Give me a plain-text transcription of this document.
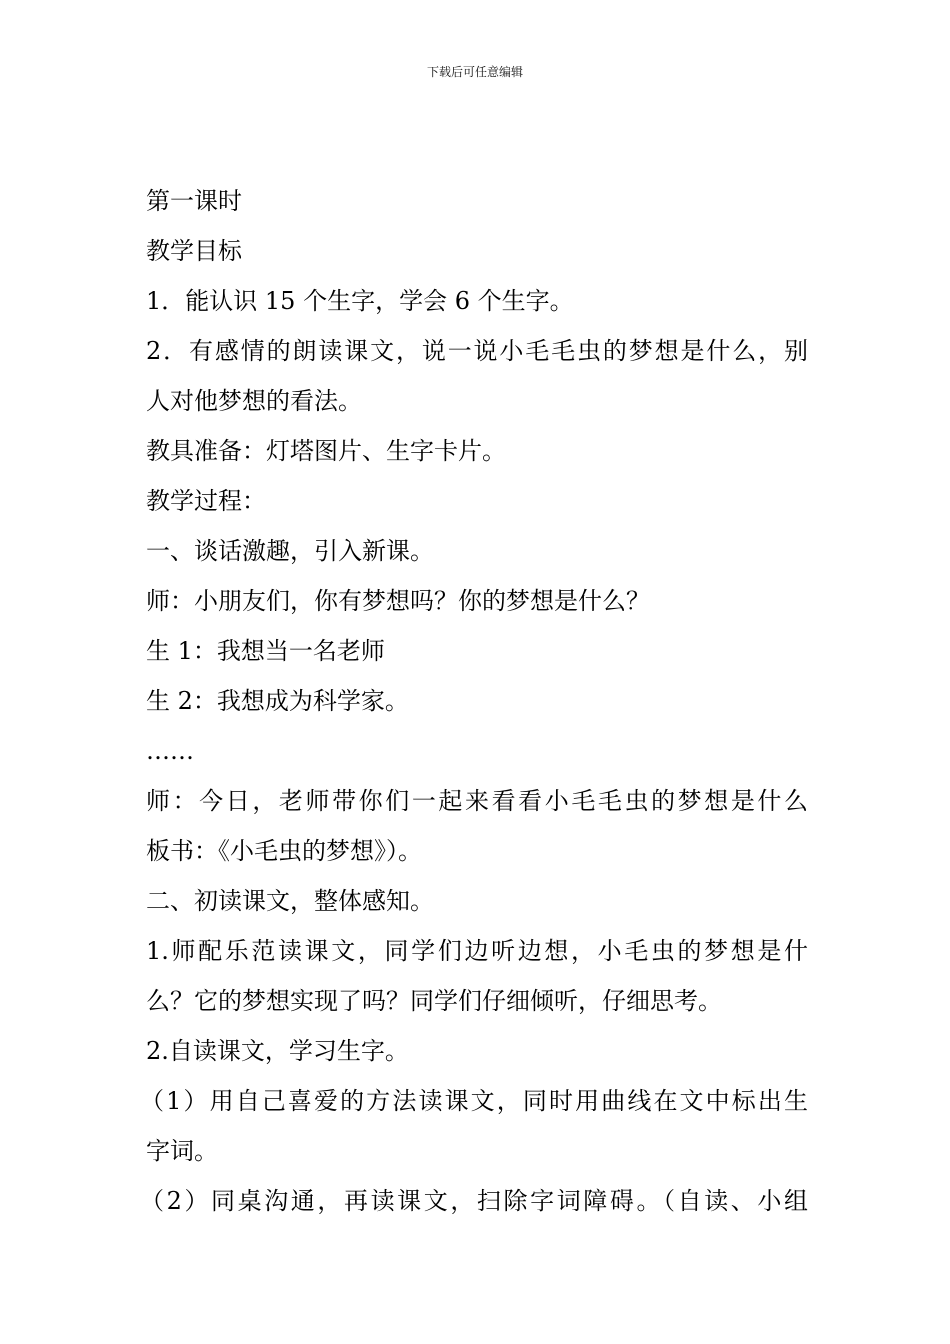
下载后可任意编辑
第一课时
教学目标
1．能认识 15 个生字，学会 6 个生字。
2．有感情的朗读课文，说一说小毛毛虫的梦想是什么，别
人对他梦想的看法。
教具准备：灯塔图片、生字卡片。
教学过程：
一、谈话激趣，引入新课。
师：小朋友们，你有梦想吗？你的梦想是什么？
生 1：我想当一名老师
生 2：我想成为科学家。
……
师：今日，老师带你们一起来看看小毛毛虫的梦想是什么
板书：《小毛虫的梦想》）。
二、初读课文，整体感知。
1.师配乐范读课文，同学们边听边想，小毛虫的梦想是什
么？它的梦想实现了吗？同学们仔细倾听，仔细思考。
2.自读课文，学习生字。
（1）用自己喜爱的方法读课文，同时用曲线在文中标出生
字词。
（2）同桌沟通，再读课文，扫除字词障碍。（自读、小组
